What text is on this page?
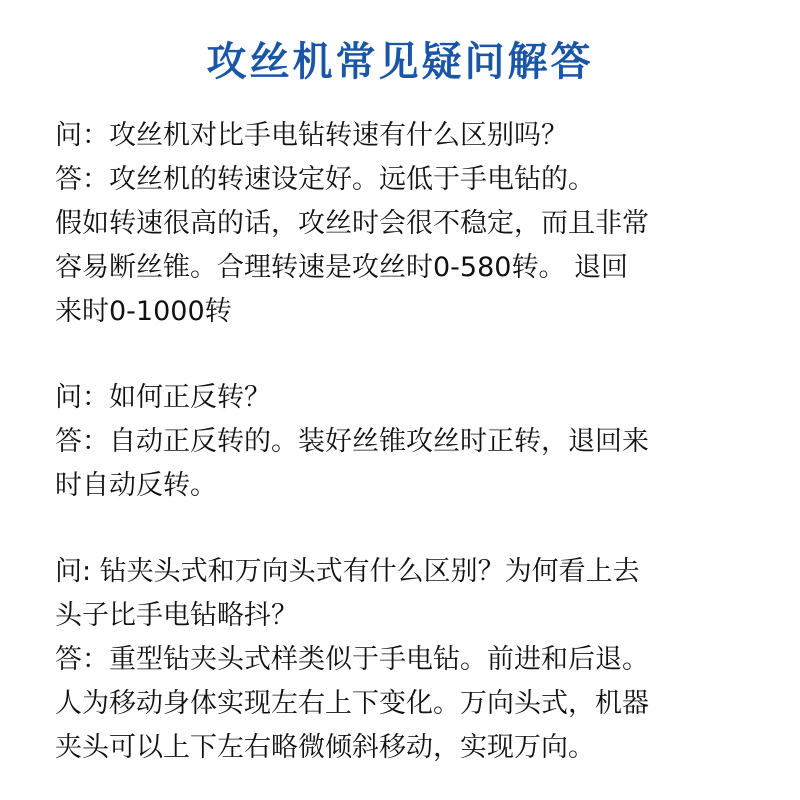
攻丝机常见疑问解答

问：攻丝机对比手电钻转速有什么区别吗？

答：攻丝机的转速设定好。远低于手电钻的。

假如转速很高的话，攻丝时会很不稳定，而且非常

容易断丝锥。合理转速是攻丝时0-580转。 退回

来时0-1000转

问：如何正反转？

答：自动正反转的。装好丝锥攻丝时正转，退回来

时自动反转。

问: 钻夹头式和万向头式有什么区别？为何看上去

头子比手电钻略抖？

答：重型钻夹头式样类似于手电钻。前进和后退。

人为移动身体实现左右上下变化。万向头式，机器

夹头可以上下左右略微倾斜移动，实现万向。
